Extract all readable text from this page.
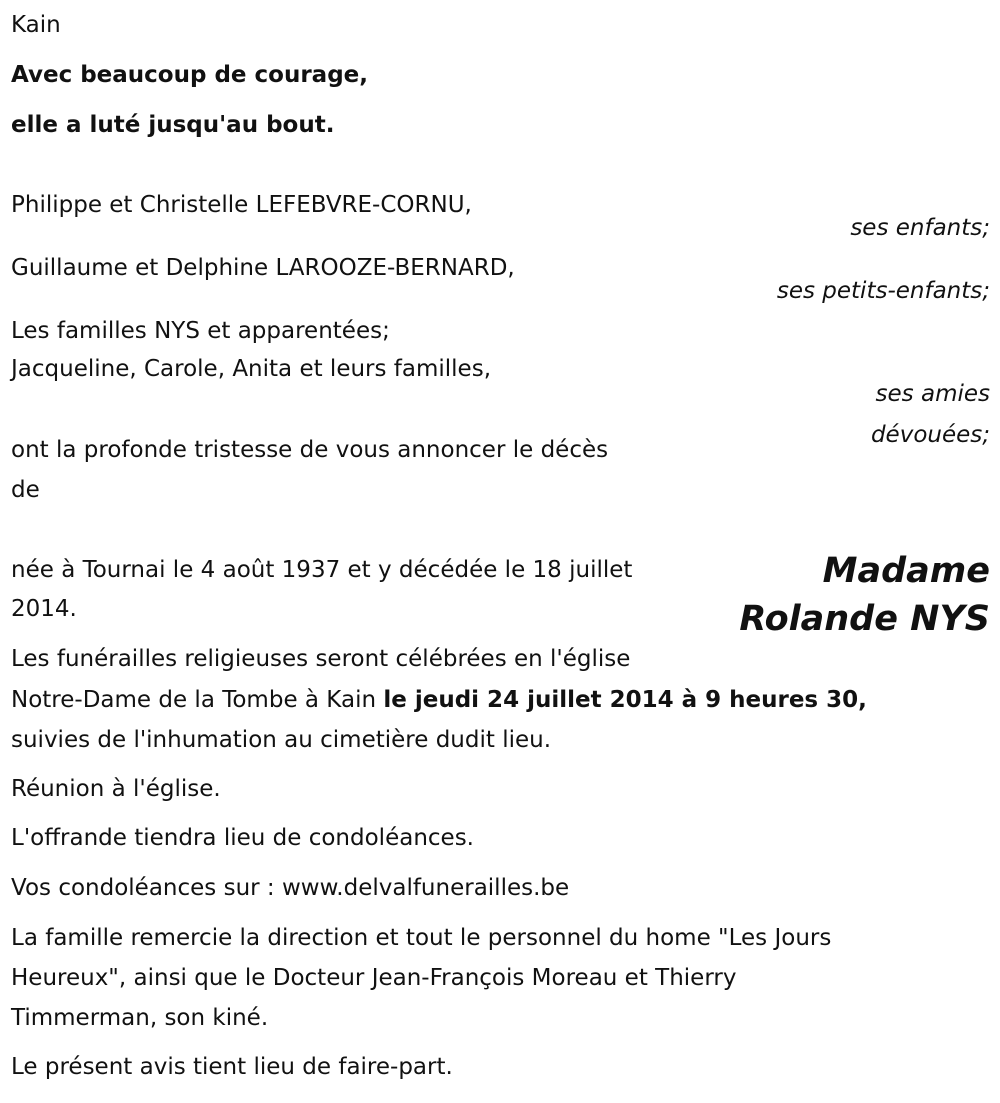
Kain

Avec beaucoup de courage,

elle a luté jusqu'au bout.

Philippe et Christelle LEFEBVRE-CORNU,

ses enfants;

Guillaume et Delphine LAROOZE-BERNARD,

ses petits-enfants;

Les familles NYS et apparentées;

Jacqueline, Carole, Anita et leurs familles,

ses amies

dévouées;

ont la profonde tristesse de vous annoncer le décès

de

Madame

Rolande NYS

née à Tournai le 4 août 1937 et y décédée le 18 juillet

2014.

Les funérailles religieuses seront célébrées en l'église

Notre-Dame de la Tombe à Kain le jeudi 24 juillet 2014 à 9 heures 30,

suivies de l'inhumation au cimetière dudit lieu.

Réunion à l'église.

L'offrande tiendra lieu de condoléances.

Vos condoléances sur : www.delvalfunerailles.be

La famille remercie la direction et tout le personnel du home "Les Jours

Heureux", ainsi que le Docteur Jean-François Moreau et Thierry

Timmerman, son kiné.

Le présent avis tient lieu de faire-part.
